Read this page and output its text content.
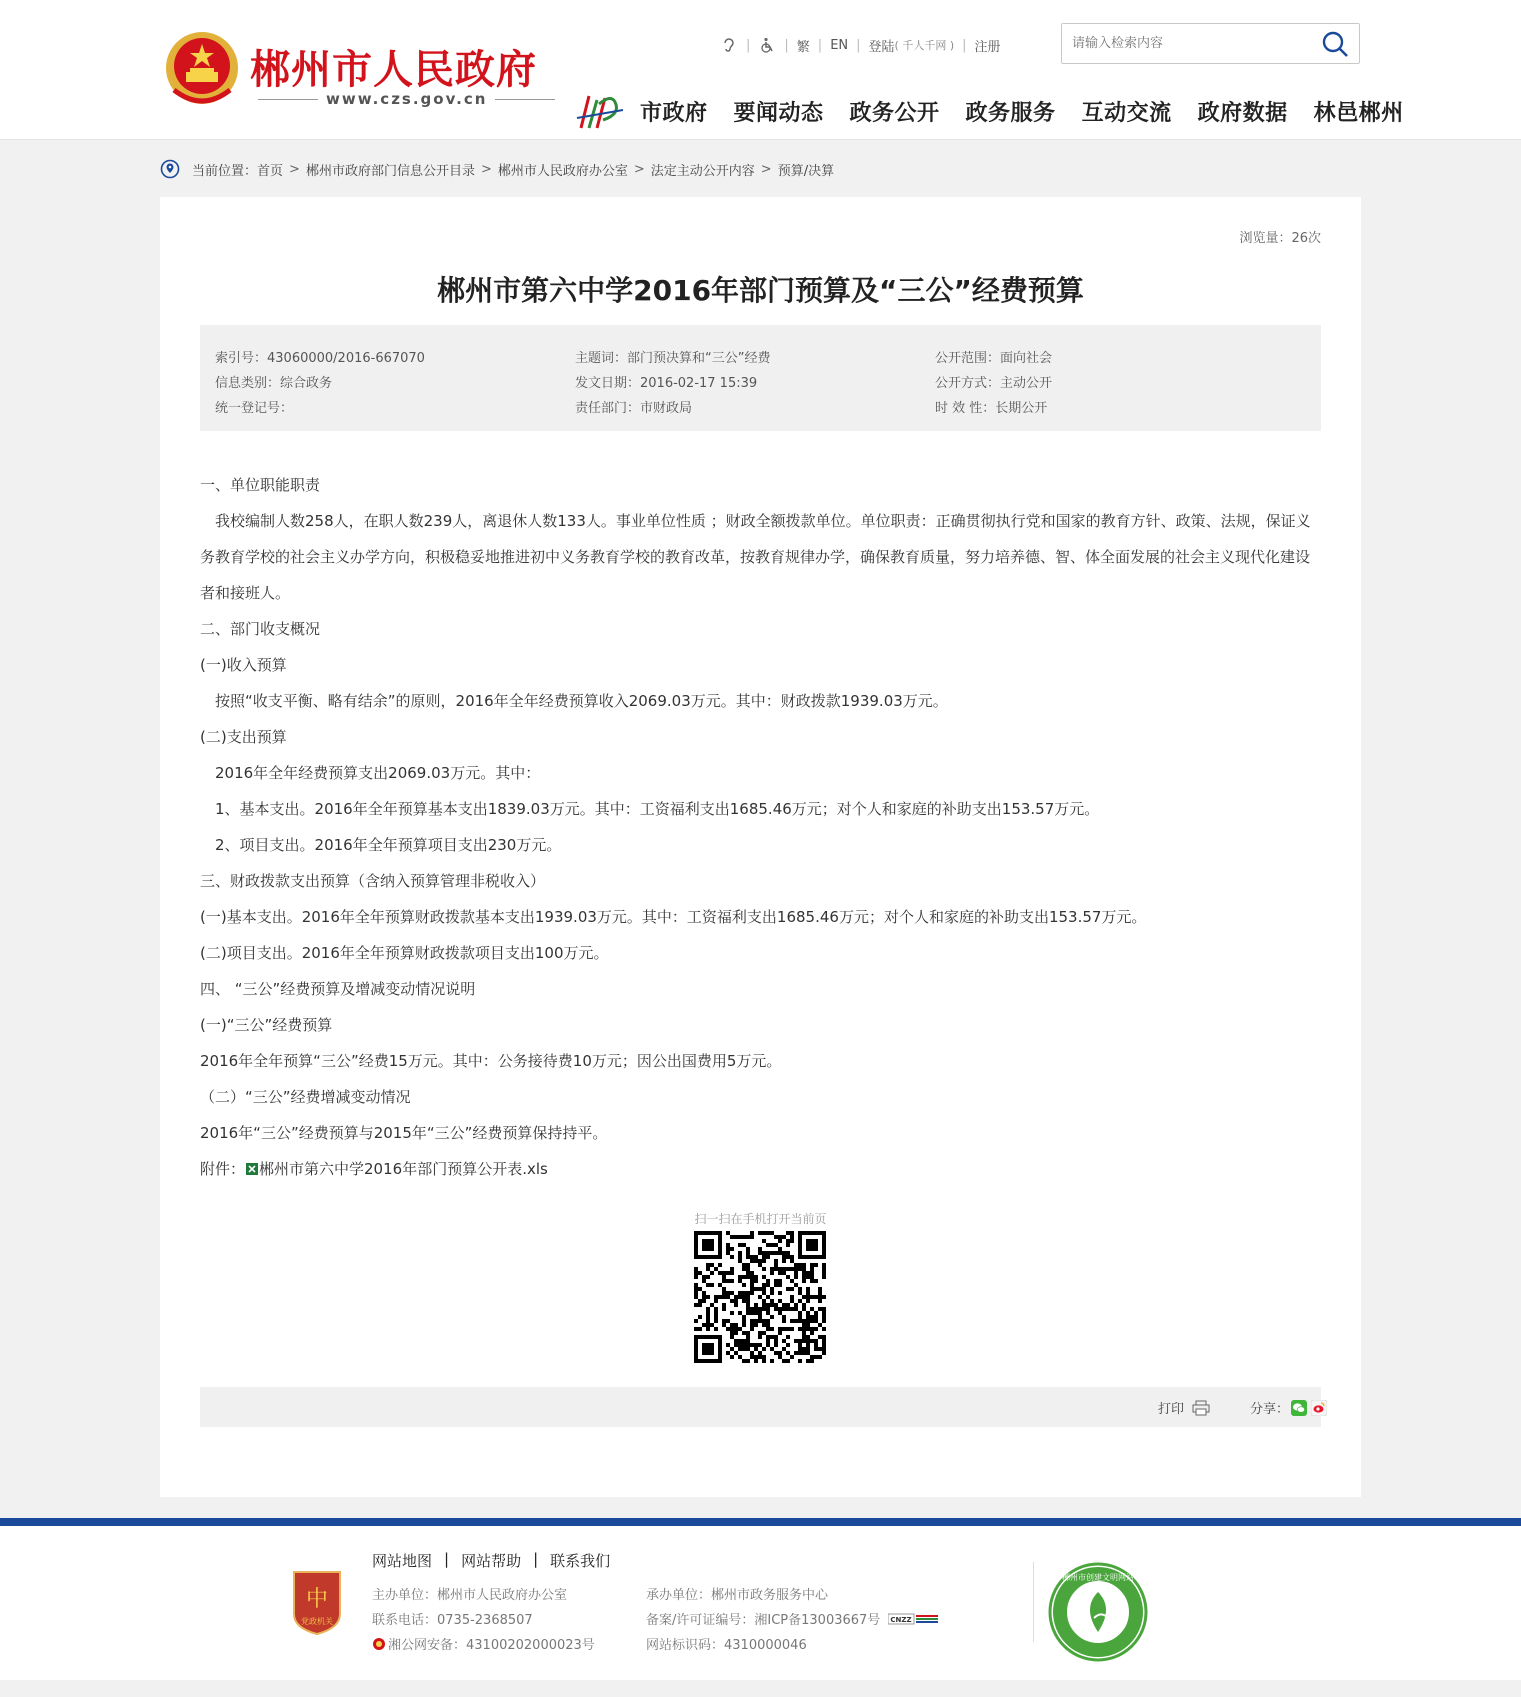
郴州市人民政府
www.czs.gov.cn
|	| 繁 | EN | 登陆 ( 千人千网 ) | 注册
请输入检索内容
市政府 要闻动态 政务公开 政务服务 互动交流 政府数据 林邑郴州
当前位置： 首页 > 郴州市政府部门信息公开目录 > 郴州市人民政府办公室 > 法定主动公开内容 > 预算/决算
浏览量：26次
郴州市第六中学2016年部门预算及“三公”经费预算
索引号：43060000/2016-667070
信息类别：综合政务
统一登记号：
主题词：部门预决算和“三公”经费
发文日期：2016-02-17 15:39
责任部门：市财政局
公开范围：面向社会
公开方式：主动公开
时 效 性：长期公开

一、单位职能职责

　我校编制人数258人，在职人数239人，离退休人数133人。事业单位性质 ；财政全额拨款单位。单位职责：正确贯彻执行党和国家的教育方针、政策、法规，保证义务教育学校的社会主义办学方向，积极稳妥地推进初中义务教育学校的教育改革，按教育规律办学，确保教育质量，努力培养德、智、体全面发展的社会主义现代化建设者和接班人。

二、部门收支概况

(一)收入预算

　按照“收支平衡、略有结余”的原则，2016年全年经费预算收入2069.03万元。其中：财政拨款1939.03万元。

(二)支出预算

　2016年全年经费预算支出2069.03万元。其中：

　1、基本支出。2016年全年预算基本支出1839.03万元。其中：工资福利支出1685.46万元；对个人和家庭的补助支出153.57万元。

　2、项目支出。2016年全年预算项目支出230万元。

三、财政拨款支出预算（含纳入预算管理非税收入）

(一)基本支出。2016年全年预算财政拨款基本支出1939.03万元。其中：工资福利支出1685.46万元；对个人和家庭的补助支出153.57万元。

(二)项目支出。2016年全年预算财政拨款项目支出100万元。

四、 “三公”经费预算及增减变动情况说明

(一)“三公”经费预算

2016年全年预算“三公”经费15万元。其中：公务接待费10万元；因公出国费用5万元。

（二）“三公”经费增减变动情况

2016年“三公”经费预算与2015年“三公”经费预算保持持平。

附件： 郴州市第六中学2016年部门预算公开表.xls

扫一扫在手机打开当前页
打印	分享：
中
党政机关
网站地图 | 网站帮助 | 联系我们
主办单位：郴州市人民政府办公室
联系电话：0735-2368507
湘公网安备：43100202000023号
承办单位：郴州市政务服务中心
备案/许可证编号：湘ICP备13003667号 CNZZ
网站标识码：4310000046
郴州市创建文明网站
